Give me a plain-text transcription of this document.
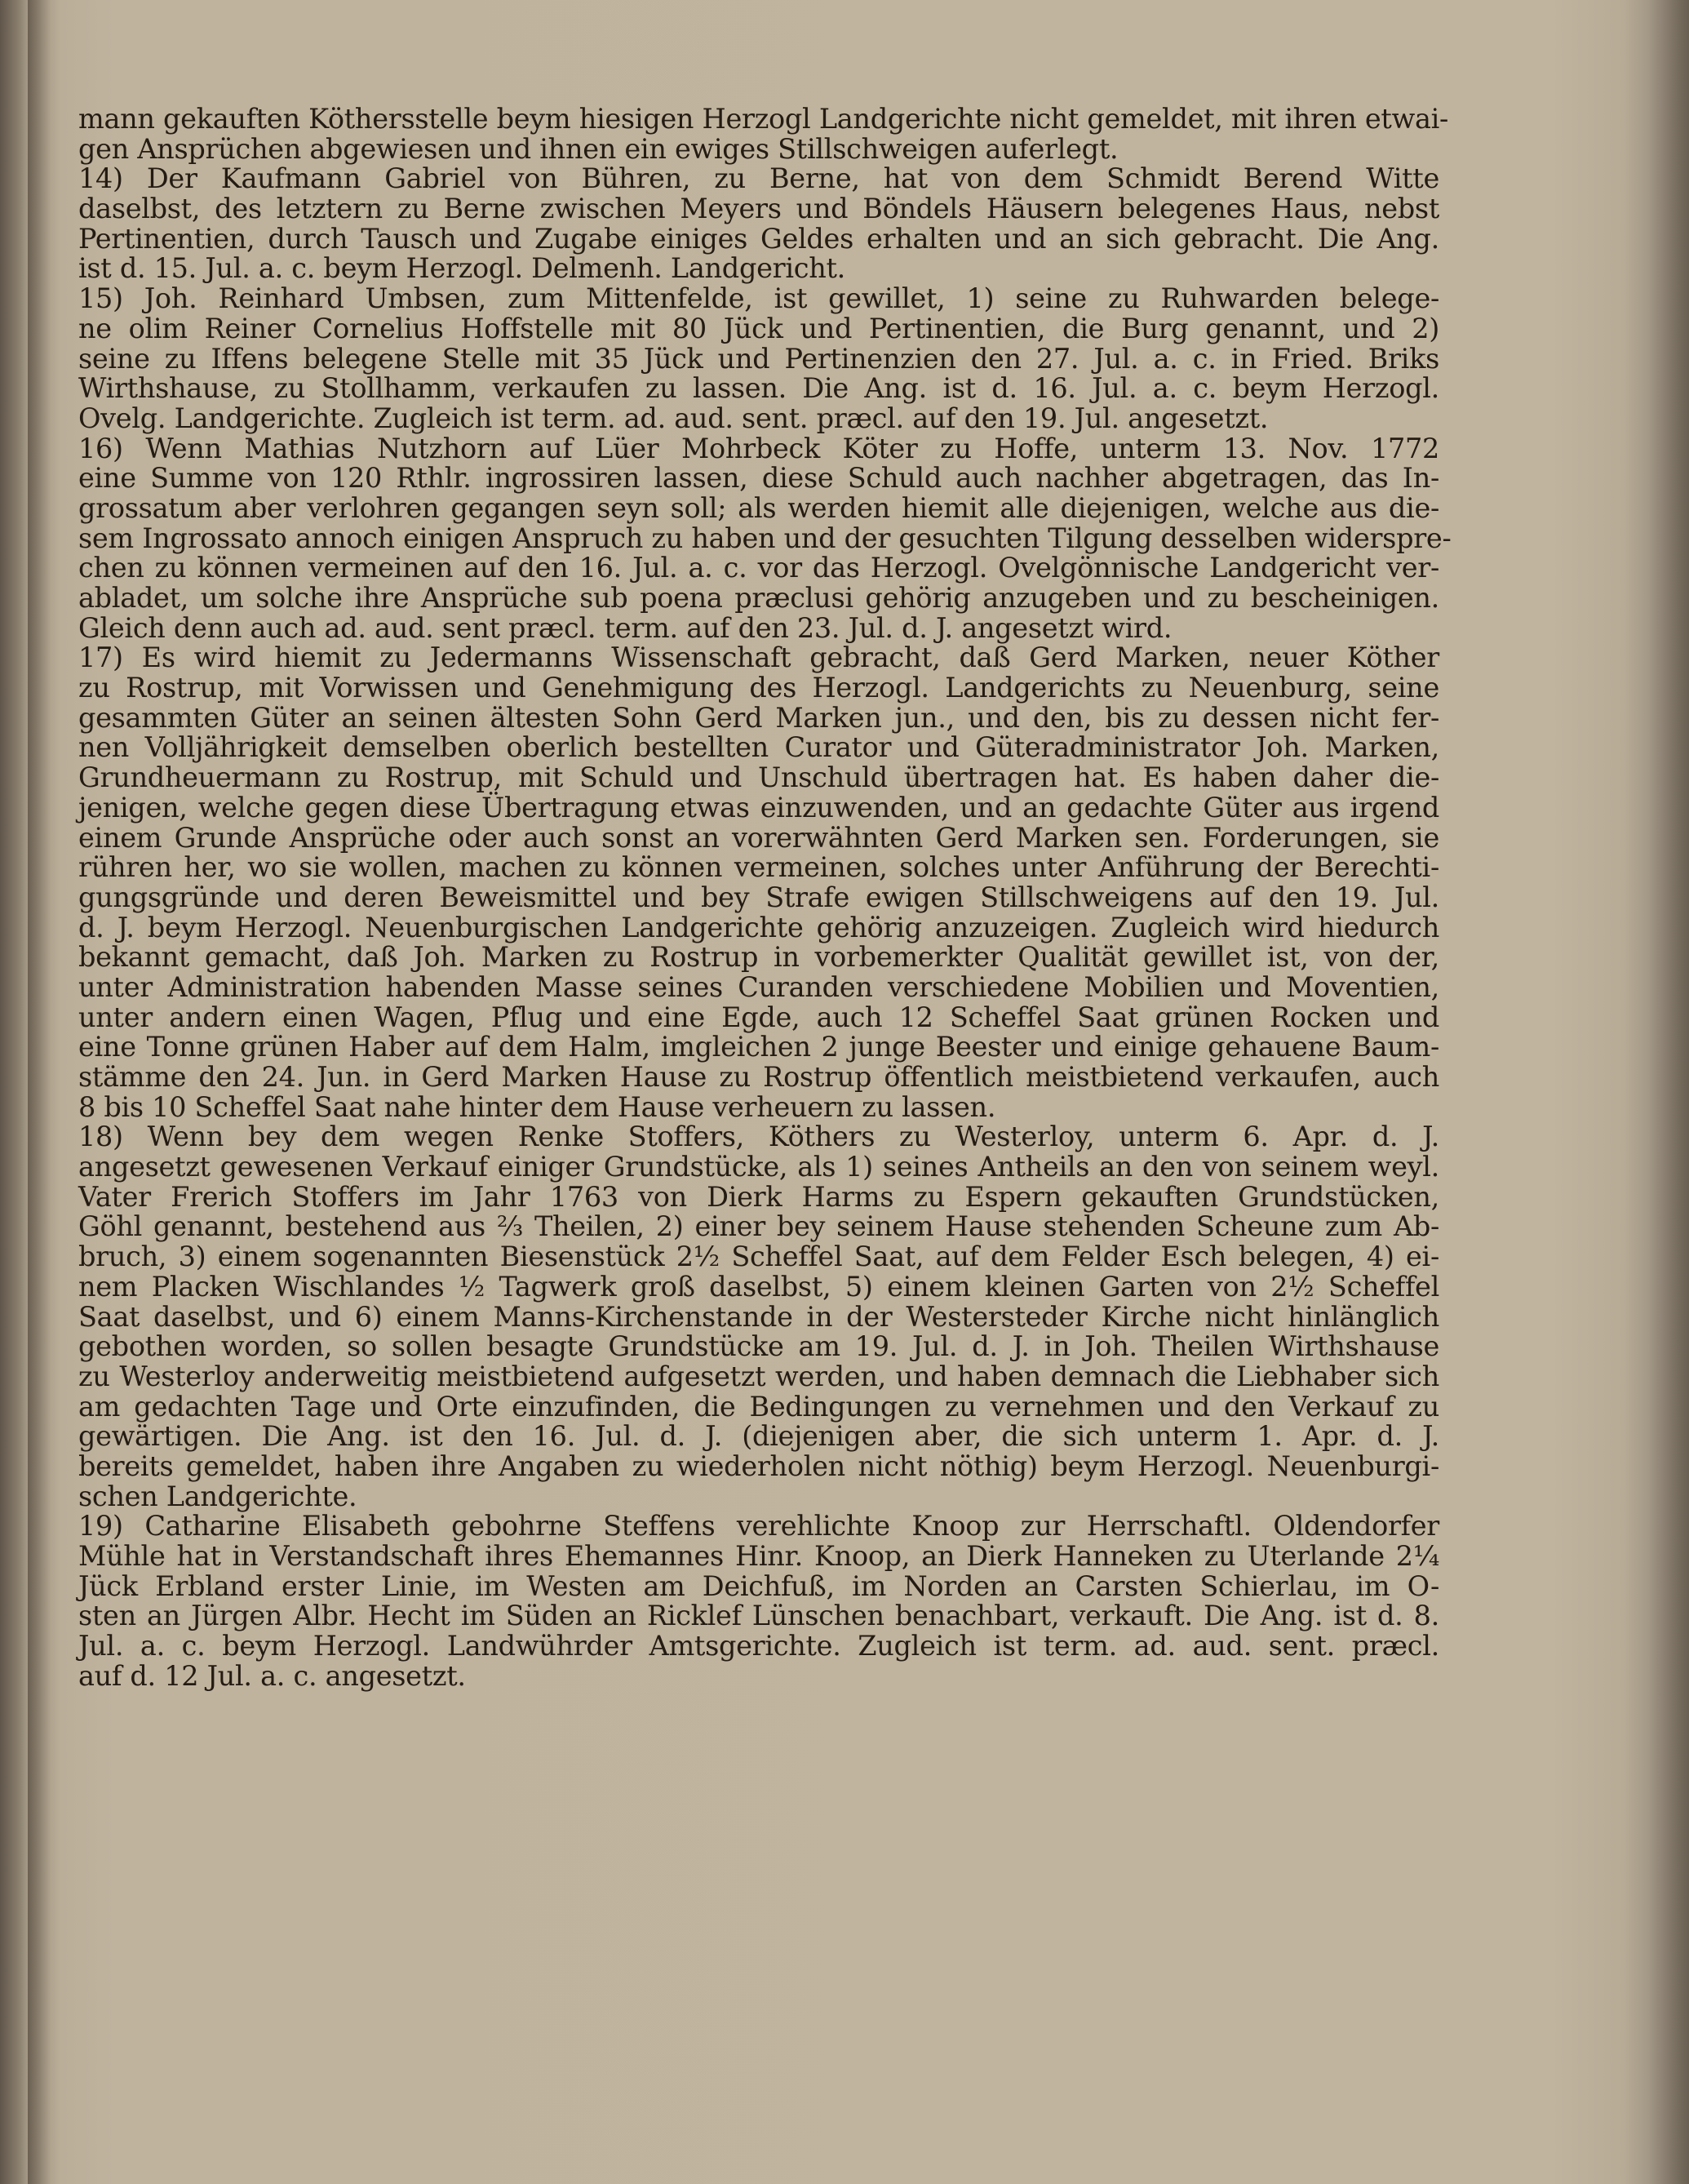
mann gekauften Köthersstelle beym hiesigen Herzogl Landgerichte nicht gemeldet, mit ihren etwai-
gen Ansprüchen abgewiesen und ihnen ein ewiges Stillschweigen auferlegt.
14) Der Kaufmann Gabriel von Bühren, zu Berne, hat von dem Schmidt Berend Witte
daselbst, des letztern zu Berne zwischen Meyers und Böndels Häusern belegenes Haus, nebst
Pertinentien, durch Tausch und Zugabe einiges Geldes erhalten und an sich gebracht. Die Ang.
ist d. 15. Jul. a. c. beym Herzogl. Delmenh. Landgericht.
15) Joh. Reinhard Umbsen, zum Mittenfelde, ist gewillet, 1) seine zu Ruhwarden belege-
ne olim Reiner Cornelius Hoffstelle mit 80 Jück und Pertinentien, die Burg genannt, und 2)
seine zu Iffens belegene Stelle mit 35 Jück und Pertinenzien den 27. Jul. a. c. in Fried. Briks
Wirthshause, zu Stollhamm, verkaufen zu lassen. Die Ang. ist d. 16. Jul. a. c. beym Herzogl.
Ovelg. Landgerichte. Zugleich ist term. ad. aud. sent. præcl. auf den 19. Jul. angesetzt.
16) Wenn Mathias Nutzhorn auf Lüer Mohrbeck Köter zu Hoffe, unterm 13. Nov. 1772
eine Summe von 120 Rthlr. ingrossiren lassen, diese Schuld auch nachher abgetragen, das In-
grossatum aber verlohren gegangen seyn soll; als werden hiemit alle diejenigen, welche aus die-
sem Ingrossato annoch einigen Anspruch zu haben und der gesuchten Tilgung desselben widerspre-
chen zu können vermeinen auf den 16. Jul. a. c. vor das Herzogl. Ovelgönnische Landgericht ver-
abladet, um solche ihre Ansprüche sub poena præclusi gehörig anzugeben und zu bescheinigen.
Gleich denn auch ad. aud. sent præcl. term. auf den 23. Jul. d. J. angesetzt wird.
17) Es wird hiemit zu Jedermanns Wissenschaft gebracht, daß Gerd Marken, neuer Köther
zu Rostrup, mit Vorwissen und Genehmigung des Herzogl. Landgerichts zu Neuenburg, seine
gesammten Güter an seinen ältesten Sohn Gerd Marken jun., und den, bis zu dessen nicht fer-
nen Volljährigkeit demselben oberlich bestellten Curator und Güteradministrator Joh. Marken,
Grundheuermann zu Rostrup, mit Schuld und Unschuld übertragen hat. Es haben daher die-
jenigen, welche gegen diese Übertragung etwas einzuwenden, und an gedachte Güter aus irgend
einem Grunde Ansprüche oder auch sonst an vorerwähnten Gerd Marken sen. Forderungen, sie
rühren her, wo sie wollen, machen zu können vermeinen, solches unter Anführung der Berechti-
gungsgründe und deren Beweismittel und bey Strafe ewigen Stillschweigens auf den 19. Jul.
d. J. beym Herzogl. Neuenburgischen Landgerichte gehörig anzuzeigen. Zugleich wird hiedurch
bekannt gemacht, daß Joh. Marken zu Rostrup in vorbemerkter Qualität gewillet ist, von der,
unter Administration habenden Masse seines Curanden verschiedene Mobilien und Moventien,
unter andern einen Wagen, Pflug und eine Egde, auch 12 Scheffel Saat grünen Rocken und
eine Tonne grünen Haber auf dem Halm, imgleichen 2 junge Beester und einige gehauene Baum-
stämme den 24. Jun. in Gerd Marken Hause zu Rostrup öffentlich meistbietend verkaufen, auch
8 bis 10 Scheffel Saat nahe hinter dem Hause verheuern zu lassen.
18) Wenn bey dem wegen Renke Stoffers, Köthers zu Westerloy, unterm 6. Apr. d. J.
angesetzt gewesenen Verkauf einiger Grundstücke, als 1) seines Antheils an den von seinem weyl.
Vater Frerich Stoffers im Jahr 1763 von Dierk Harms zu Espern gekauften Grundstücken,
Göhl genannt, bestehend aus ⅔ Theilen, 2) einer bey seinem Hause stehenden Scheune zum Ab-
bruch, 3) einem sogenannten Biesenstück 2½ Scheffel Saat, auf dem Felder Esch belegen, 4) ei-
nem Placken Wischlandes ½ Tagwerk groß daselbst, 5) einem kleinen Garten von 2½ Scheffel
Saat daselbst, und 6) einem Manns-Kirchenstande in der Westersteder Kirche nicht hinlänglich
gebothen worden, so sollen besagte Grundstücke am 19. Jul. d. J. in Joh. Theilen Wirthshause
zu Westerloy anderweitig meistbietend aufgesetzt werden, und haben demnach die Liebhaber sich
am gedachten Tage und Orte einzufinden, die Bedingungen zu vernehmen und den Verkauf zu
gewärtigen. Die Ang. ist den 16. Jul. d. J. (diejenigen aber, die sich unterm 1. Apr. d. J.
bereits gemeldet, haben ihre Angaben zu wiederholen nicht nöthig) beym Herzogl. Neuenburgi-
schen Landgerichte.
19) Catharine Elisabeth gebohrne Steffens verehlichte Knoop zur Herrschaftl. Oldendorfer
Mühle hat in Verstandschaft ihres Ehemannes Hinr. Knoop, an Dierk Hanneken zu Uterlande 2¼
Jück Erbland erster Linie, im Westen am Deichfuß, im Norden an Carsten Schierlau, im O-
sten an Jürgen Albr. Hecht im Süden an Ricklef Lünschen benachbart, verkauft. Die Ang. ist d. 8.
Jul. a. c. beym Herzogl. Landwührder Amtsgerichte. Zugleich ist term. ad. aud. sent. præcl.
auf d. 12 Jul. a. c. angesetzt.
